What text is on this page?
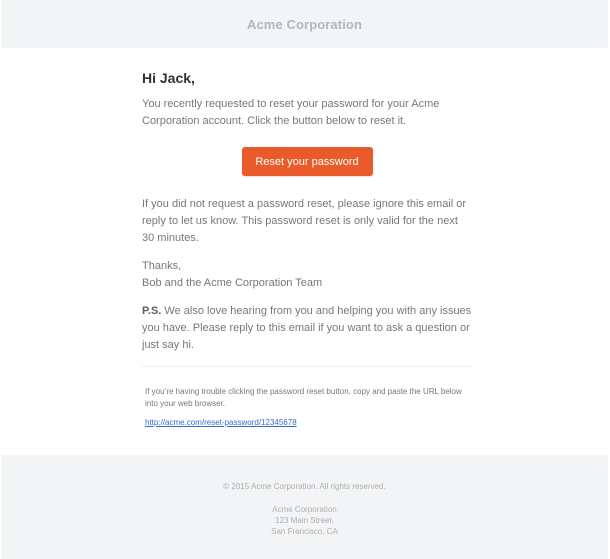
Acme Corporation
Hi Jack,

You recently requested to reset your password for your Acme Corporation account. Click the button below to reset it.

Reset your password

If you did not request a password reset, please ignore this email or reply to let us know. This password reset is only valid for the next 30 minutes.

Thanks,
Bob and the Acme Corporation Team

P.S. We also love hearing from you and helping you with any issues you have. Please reply to this email if you want to ask a question or just say hi.

If you’re having trouble clicking the password reset button, copy and paste the URL below into your web browser.
http://acme.com/reset-password/12345678
© 2015 Acme Corporation. All rights reserved.
Acme Corporation
123 Main Street,
San Francisco, CA
